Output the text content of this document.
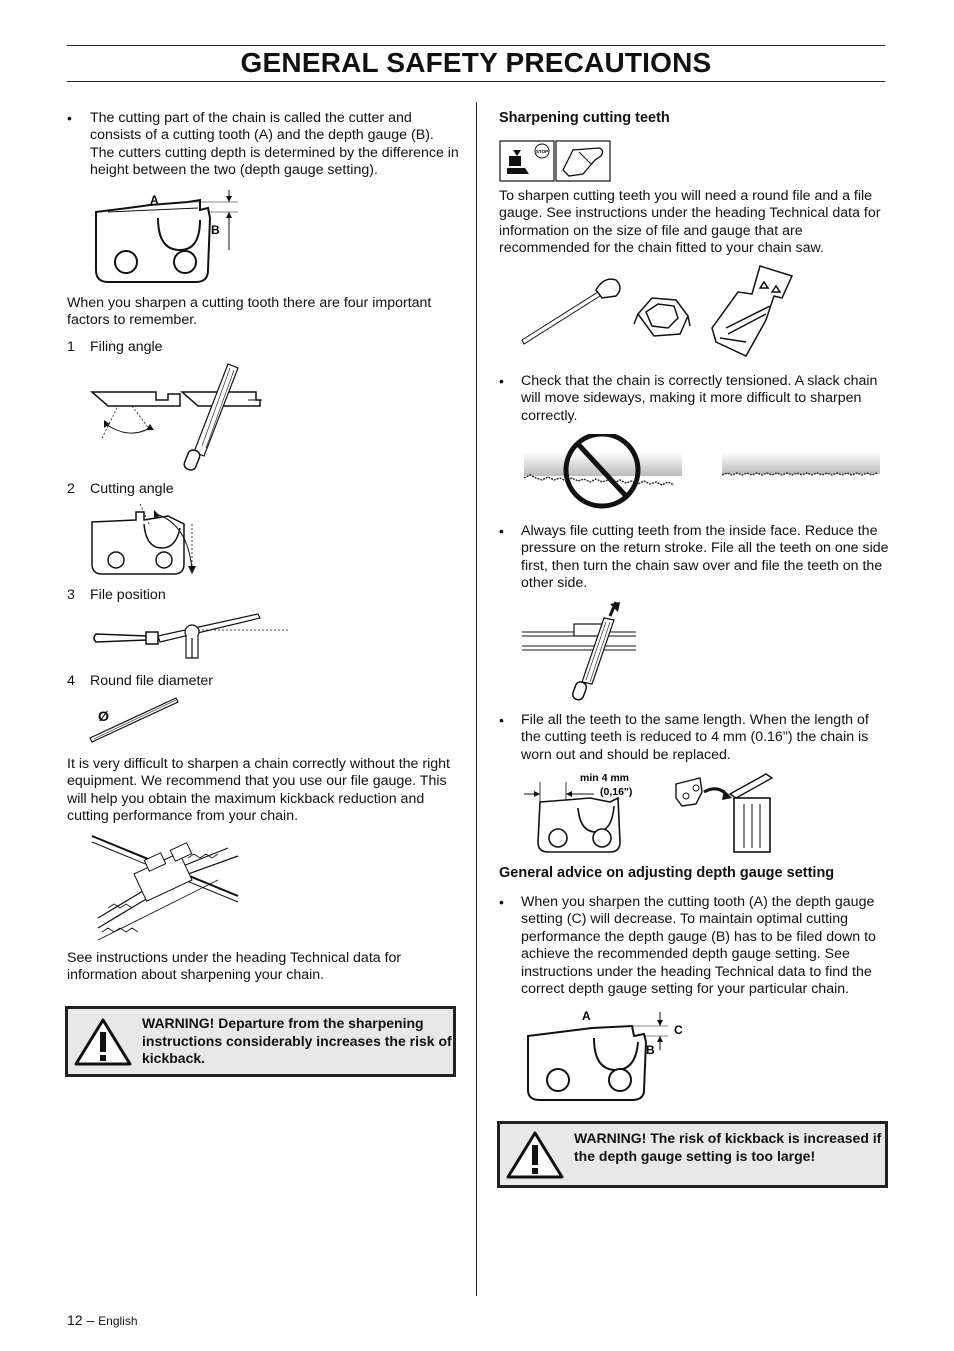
GENERAL SAFETY PRECAUTIONS
• The cutting part of the chain is called the cutter and consists of a cutting tooth (A) and the depth gauge (B). The cutters cutting depth is determined by the difference in height between the two (depth gauge setting).
A
B
When you sharpen a cutting tooth there are four important factors to remember.
1 Filing angle
2 Cutting angle
3 File position
4 Round file diameter
Ø
It is very difficult to sharpen a chain correctly without the right equipment. We recommend that you use our file gauge. This will help you obtain the maximum kickback reduction and cutting performance from your chain.
See instructions under the heading Technical data for information about sharpening your chain.
WARNING! Departure from the sharpening instructions considerably increases the risk of kickback.
Sharpening cutting teeth
STOP
To sharpen cutting teeth you will need a round file and a file gauge. See instructions under the heading Technical data for information on the size of file and gauge that are recommended for the chain fitted to your chain saw.
• Check that the chain is correctly tensioned. A slack chain will move sideways, making it more difficult to sharpen correctly.
• Always file cutting teeth from the inside face. Reduce the pressure on the return stroke. File all the teeth on one side first, then turn the chain saw over and file the teeth on the other side.
• File all the teeth to the same length. When the length of the cutting teeth is reduced to 4 mm (0.16") the chain is worn out and should be replaced.
min 4 mm
(0,16")
General advice on adjusting depth gauge setting
• When you sharpen the cutting tooth (A) the depth gauge setting (C) will decrease. To maintain optimal cutting performance the depth gauge (B) has to be filed down to achieve the recommended depth gauge setting. See instructions under the heading Technical data to find the correct depth gauge setting for your particular chain.
A
C
B
WARNING! The risk of kickback is increased if the depth gauge setting is too large!
12 – English
